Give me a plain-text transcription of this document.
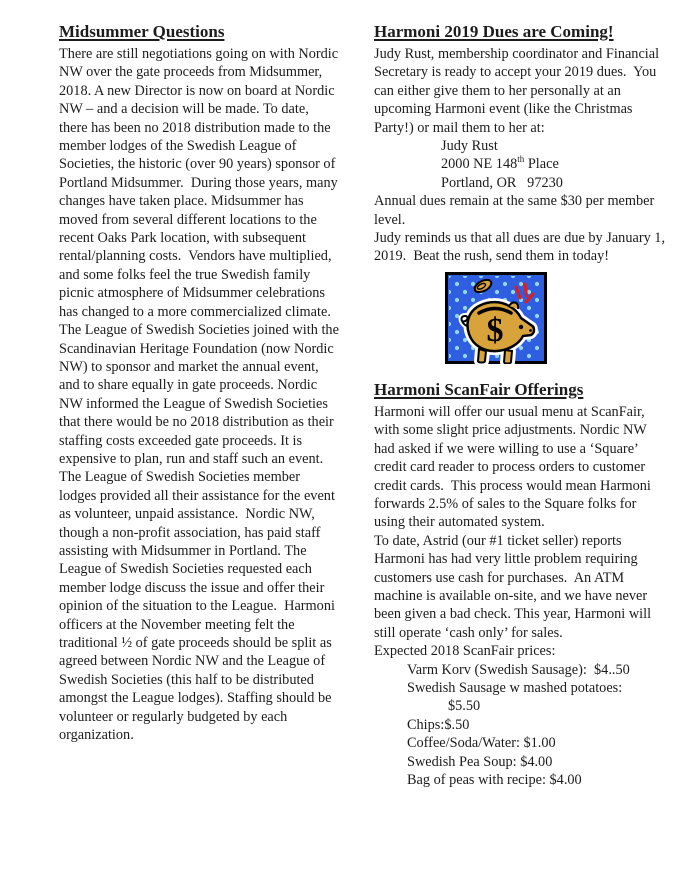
Midsummer Questions

There are still negotiations going on with Nordic NW over the gate proceeds from Midsummer, 2018. A new Director is now on board at Nordic NW – and a decision will be made. To date, there has been no 2018 distribution made to the member lodges of the Swedish League of Societies, the historic (over 90 years) sponsor of Portland Midsummer.  During those years, many changes have taken place. Midsummer has moved from several different locations to the recent Oaks Park location, with subsequent rental/planning costs.  Vendors have multiplied, and some folks feel the true Swedish family picnic atmosphere of Midsummer celebrations has changed to a more commercialized climate. The League of Swedish Societies joined with the Scandinavian Heritage Foundation (now Nordic NW) to sponsor and market the annual event, and to share equally in gate proceeds. Nordic NW informed the League of Swedish Societies that there would be no 2018 distribution as their staffing costs exceeded gate proceeds. It is expensive to plan, run and staff such an event. The League of Swedish Societies member lodges provided all their assistance for the event as volunteer, unpaid assistance.  Nordic NW, though a non-profit association, has paid staff assisting with Midsummer in Portland. The League of Swedish Societies requested each member lodge discuss the issue and offer their opinion of the situation to the League.  Harmoni officers at the November meeting felt the traditional ½ of gate proceeds should be split as agreed between Nordic NW and the League of Swedish Societies (this half to be distributed amongst the League lodges). Staffing should be volunteer or regularly budgeted by each organization.

Harmoni 2019 Dues are Coming!

Judy Rust, membership coordinator and Financial Secretary is ready to accept your 2019 dues.  You can either give them to her personally at an upcoming Harmoni event (like the Christmas Party!) or mail them to her at:

Judy Rust
2000 NE 148th Place
Portland, OR   97230

Annual dues remain at the same $30 per member level.

Judy reminds us that all dues are due by January 1, 2019.  Beat the rush, send them in today!

$
Harmoni ScanFair Offerings

Harmoni will offer our usual menu at ScanFair, with some slight price adjustments. Nordic NW had asked if we were willing to use a ‘Square’ credit card reader to process orders to customer credit cards.  This process would mean Harmoni forwards 2.5% of sales to the Square folks for using their automated system.

To date, Astrid (our #1 ticket seller) reports Harmoni has had very little problem requiring customers use cash for purchases.  An ATM machine is available on-site, and we have never been given a bad check. This year, Harmoni will still operate ‘cash only’ for sales.

Expected 2018 ScanFair prices:

Varm Korv (Swedish Sausage):  $4..50
Swedish Sausage w mashed potatoes:
$5.50
Chips:$.50
Coffee/Soda/Water: $1.00
Swedish Pea Soup: $4.00
Bag of peas with recipe: $4.00
